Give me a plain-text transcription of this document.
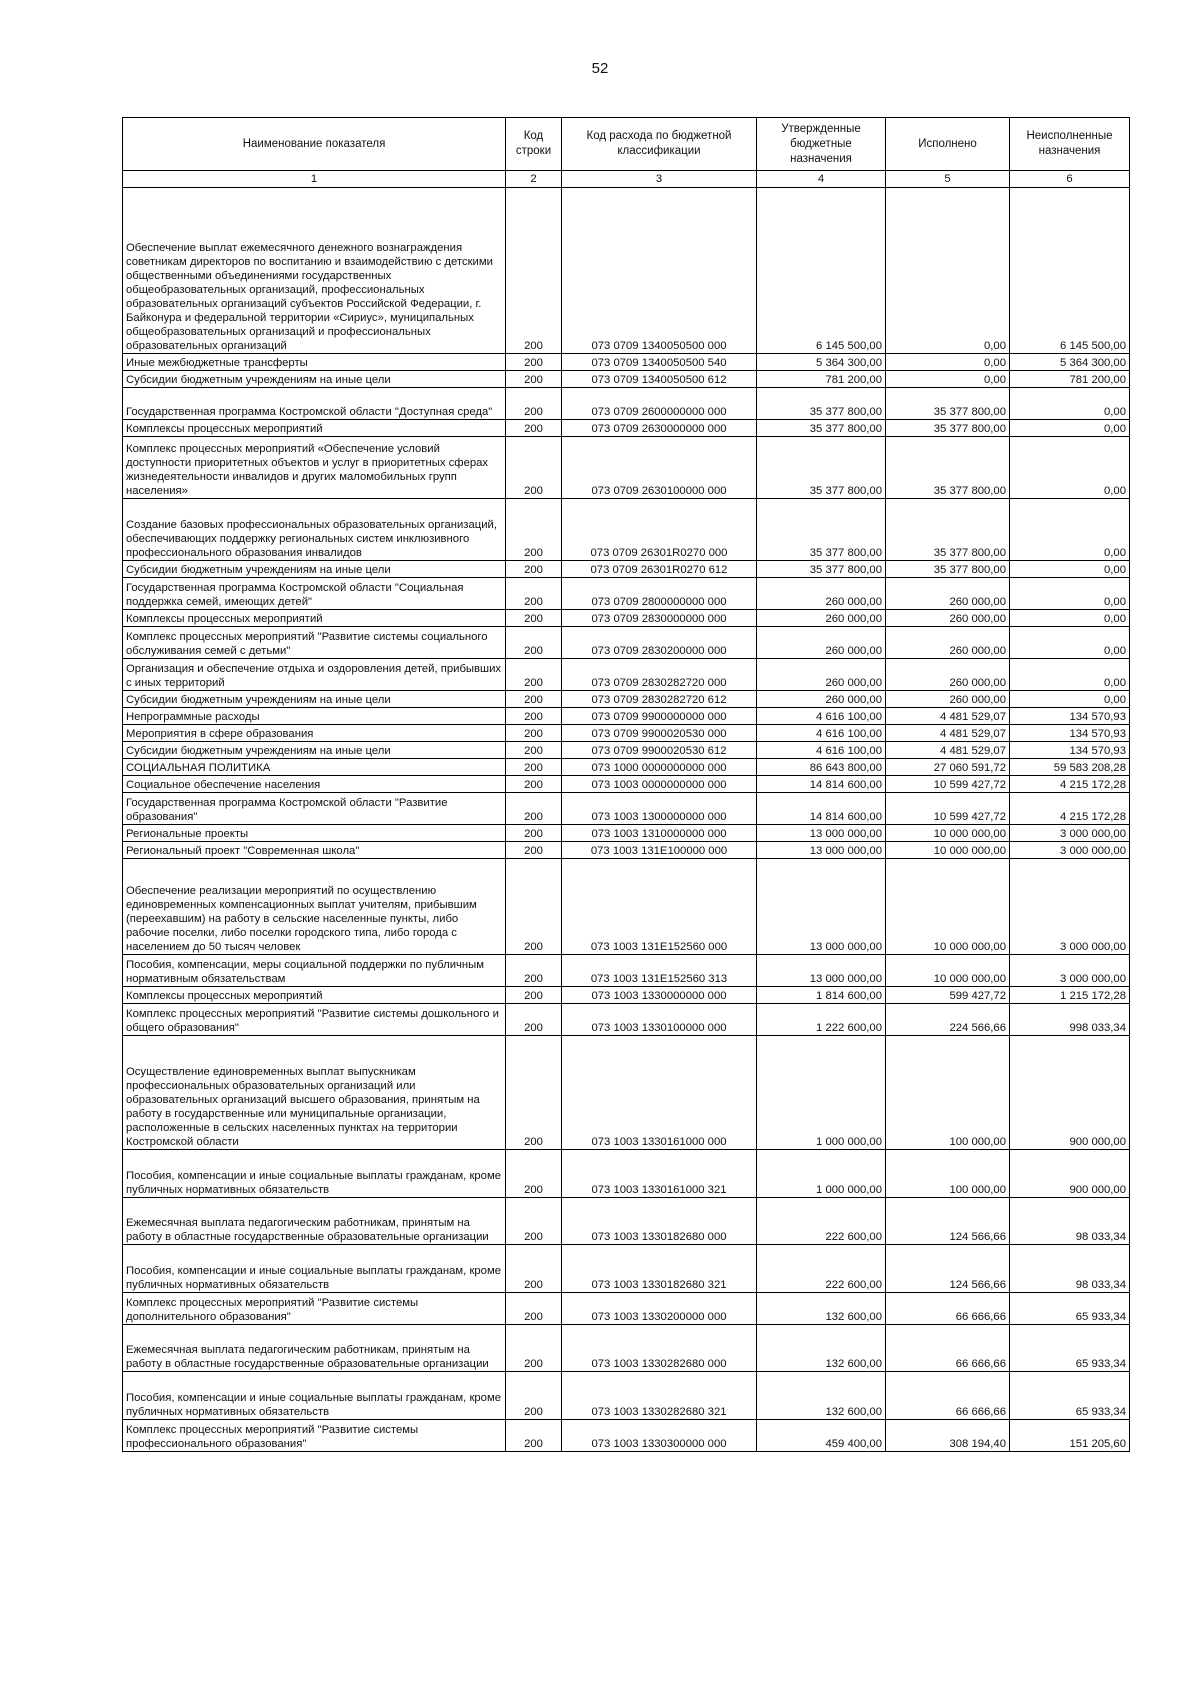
52
Наименование показателя	Код строки	Код расхода по бюджетной классификации	Утвержденные бюджетные назначения	Исполнено	Неисполненные назначения
1	2	3	4	5	6
Обеспечение выплат ежемесячного денежного вознаграждения советникам директоров по воспитанию и взаимодействию с детскими общественными объединениями государственных общеобразовательных организаций, профессиональных образовательных организаций субъектов Российской Федерации, г. Байконура и федеральной территории «Сириус», муниципальных общеобразовательных организаций и профессиональных образовательных организаций	200	073 0709 1340050500 000	6 145 500,00	0,00	6 145 500,00
Иные межбюджетные трансферты	200	073 0709 1340050500 540	5 364 300,00	0,00	5 364 300,00
Субсидии бюджетным учреждениям на иные цели	200	073 0709 1340050500 612	781 200,00	0,00	781 200,00
Государственная программа Костромской области "Доступная среда"	200	073 0709 2600000000 000	35 377 800,00	35 377 800,00	0,00
Комплексы процессных мероприятий	200	073 0709 2630000000 000	35 377 800,00	35 377 800,00	0,00
Комплекс процессных мероприятий «Обеспечение условий доступности приоритетных объектов и услуг в приоритетных сферах жизнедеятельности инвалидов и других маломобильных групп населения»	200	073 0709 2630100000 000	35 377 800,00	35 377 800,00	0,00
Создание базовых профессиональных образовательных организаций, обеспечивающих поддержку региональных систем инклюзивного профессионального образования инвалидов	200	073 0709 26301R0270 000	35 377 800,00	35 377 800,00	0,00
Субсидии бюджетным учреждениям на иные цели	200	073 0709 26301R0270 612	35 377 800,00	35 377 800,00	0,00
Государственная программа Костромской области "Социальная поддержка семей, имеющих детей"	200	073 0709 2800000000 000	260 000,00	260 000,00	0,00
Комплексы процессных мероприятий	200	073 0709 2830000000 000	260 000,00	260 000,00	0,00
Комплекс процессных мероприятий "Развитие системы социального обслуживания семей с детьми"	200	073 0709 2830200000 000	260 000,00	260 000,00	0,00
Организация и обеспечение отдыха и оздоровления детей, прибывших с иных территорий	200	073 0709 2830282720 000	260 000,00	260 000,00	0,00
Субсидии бюджетным учреждениям на иные цели	200	073 0709 2830282720 612	260 000,00	260 000,00	0,00
Непрограммные расходы	200	073 0709 9900000000 000	4 616 100,00	4 481 529,07	134 570,93
Мероприятия в сфере образования	200	073 0709 9900020530 000	4 616 100,00	4 481 529,07	134 570,93
Субсидии бюджетным учреждениям на иные цели	200	073 0709 9900020530 612	4 616 100,00	4 481 529,07	134 570,93
СОЦИАЛЬНАЯ ПОЛИТИКА	200	073 1000 0000000000 000	86 643 800,00	27 060 591,72	59 583 208,28
Социальное обеспечение населения	200	073 1003 0000000000 000	14 814 600,00	10 599 427,72	4 215 172,28
Государственная программа Костромской области "Развитие образования"	200	073 1003 1300000000 000	14 814 600,00	10 599 427,72	4 215 172,28
Региональные проекты	200	073 1003 1310000000 000	13 000 000,00	10 000 000,00	3 000 000,00
Региональный проект "Современная школа"	200	073 1003 131E100000 000	13 000 000,00	10 000 000,00	3 000 000,00
Обеспечение реализации мероприятий по осуществлению единовременных компенсационных выплат учителям, прибывшим (переехавшим) на работу в сельские населенные пункты, либо рабочие поселки, либо поселки городского типа, либо города с населением до 50 тысяч человек	200	073 1003 131E152560 000	13 000 000,00	10 000 000,00	3 000 000,00
Пособия, компенсации, меры социальной поддержки по публичным нормативным обязательствам	200	073 1003 131E152560 313	13 000 000,00	10 000 000,00	3 000 000,00
Комплексы процессных мероприятий	200	073 1003 1330000000 000	1 814 600,00	599 427,72	1 215 172,28
Комплекс процессных мероприятий "Развитие системы дошкольного и общего образования"	200	073 1003 1330100000 000	1 222 600,00	224 566,66	998 033,34
Осуществление единовременных выплат выпускникам профессиональных образовательных организаций или образовательных организаций высшего образования, принятым на работу в государственные или муниципальные организации, расположенные в сельских населенных пунктах на территории Костромской области	200	073 1003 1330161000 000	1 000 000,00	100 000,00	900 000,00
Пособия, компенсации и иные социальные выплаты гражданам, кроме публичных нормативных обязательств	200	073 1003 1330161000 321	1 000 000,00	100 000,00	900 000,00
Ежемесячная выплата педагогическим работникам, принятым на работу в областные государственные образовательные организации	200	073 1003 1330182680 000	222 600,00	124 566,66	98 033,34
Пособия, компенсации и иные социальные выплаты гражданам, кроме публичных нормативных обязательств	200	073 1003 1330182680 321	222 600,00	124 566,66	98 033,34
Комплекс процессных мероприятий "Развитие системы дополнительного образования"	200	073 1003 1330200000 000	132 600,00	66 666,66	65 933,34
Ежемесячная выплата педагогическим работникам, принятым на работу в областные государственные образовательные организации	200	073 1003 1330282680 000	132 600,00	66 666,66	65 933,34
Пособия, компенсации и иные социальные выплаты гражданам, кроме публичных нормативных обязательств	200	073 1003 1330282680 321	132 600,00	66 666,66	65 933,34
Комплекс процессных мероприятий "Развитие системы профессионального образования"	200	073 1003 1330300000 000	459 400,00	308 194,40	151 205,60
